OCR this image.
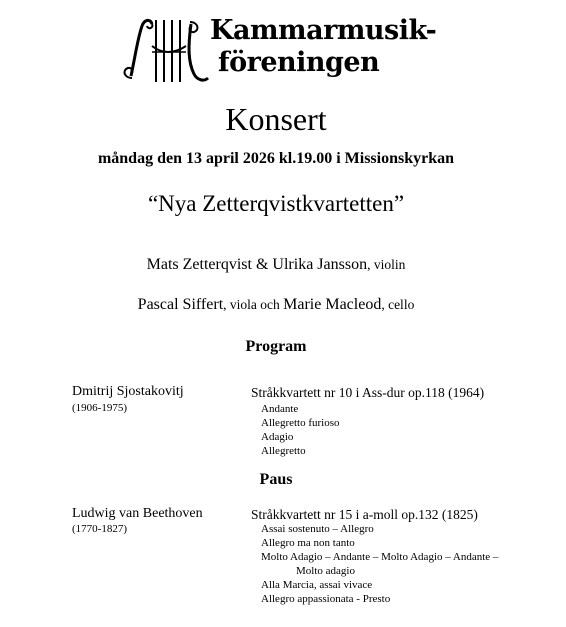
Kammarmusik-
föreningen
Konsert
måndag den 13 april 2026 kl.19.00 i Missionskyrkan
“Nya Zetterqvistkvartetten”
Mats Zetterqvist & Ulrika Jansson, violin
Pascal Siffert, viola och Marie Macleod, cello
Program
Dmitrij Sjostakovitj
(1906-1975)
Stråkkvartett nr 10 i Ass-dur op.118 (1964)
Andante
Allegretto furioso
Adagio
Allegretto
Paus
Ludwig van Beethoven
(1770-1827)
Stråkkvartett nr 15 i a-moll op.132 (1825)
Assai sostenuto – Allegro
Allegro ma non tanto
Molto Adagio – Andante – Molto Adagio – Andante –
Molto adagio
Alla Marcia, assai vivace
Allegro appassionata - Presto
